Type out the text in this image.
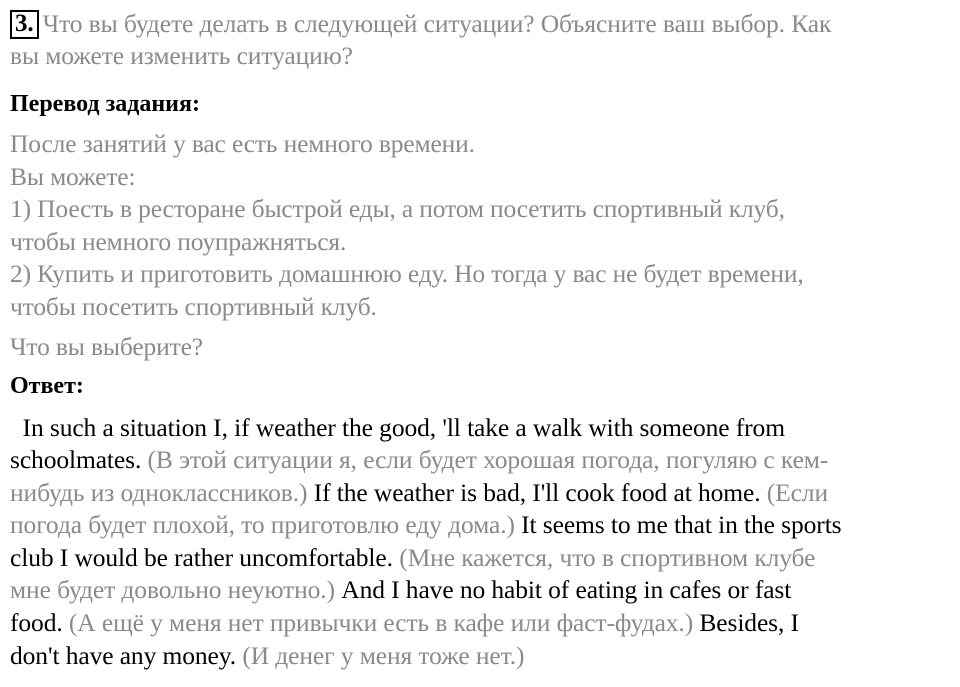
3. Что вы будете делать в следующей ситуации? Объясните ваш выбор. Как
вы можете изменить ситуацию?
Перевод задания:
После занятий у вас есть немного времени.
Вы можете:
1) Поесть в ресторане быстрой еды, а потом посетить спортивный клуб,
чтобы немного поупражняться.
2) Купить и приготовить домашнюю еду. Но тогда у вас не будет времени,
чтобы посетить спортивный клуб.
Что вы выберите?
Ответ:
In such a situation I, if weather the good, 'll take a walk with someone from
schoolmates. (В этой ситуации я, если будет хорошая погода, погуляю с кем-
нибудь из одноклассников.) If the weather is bad, I'll cook food at home. (Если
погода будет плохой, то приготовлю еду дома.) It seems to me that in the sports
club I would be rather uncomfortable. (Мне кажется, что в спортивном клубе
мне будет довольно неуютно.) And I have no habit of eating in cafes or fast
food. (А ещё у меня нет привычки есть в кафе или фаст-фудах.) Besides, I
don't have any money. (И денег у меня тоже нет.)
